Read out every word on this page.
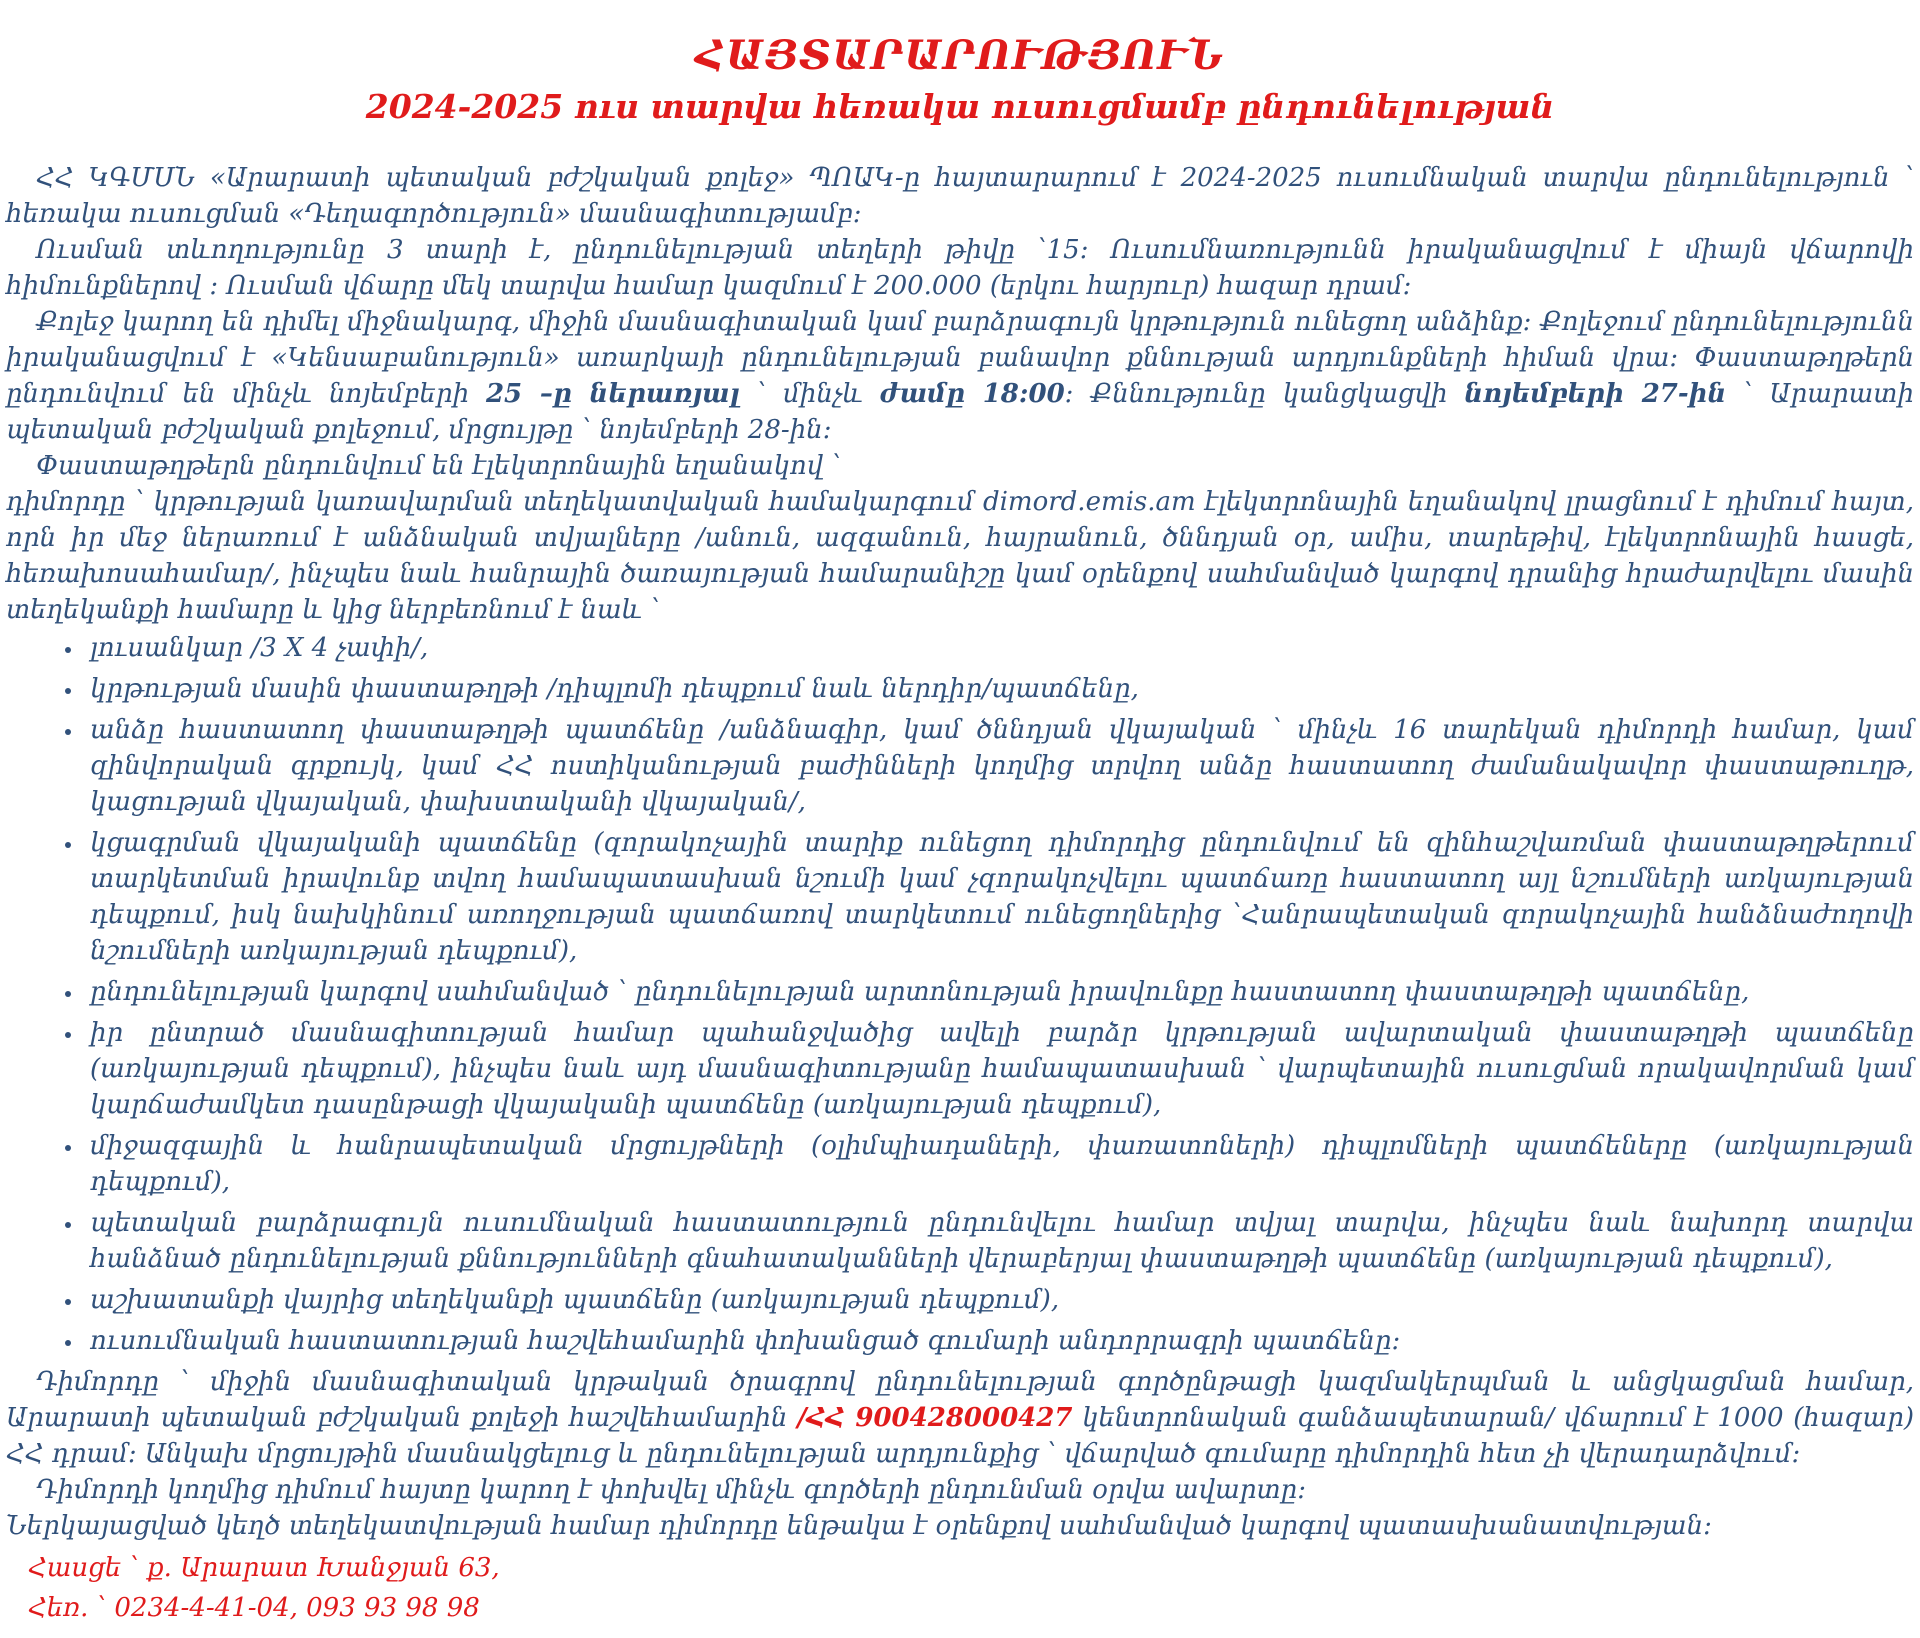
ՀԱՅՏԱՐԱՐՈՒԹՅՈՒՆ
2024-2025 ուս տարվա հեռակա ուսուցմամբ ընդունելության

ՀՀ ԿԳՄՍՆ «Արարատի պետական բժշկական քոլեջ» ՊՈԱԿ-ը հայտարարում է 2024-2025 ուսումնական տարվա ընդունելություն ՝ հեռակա ուսուցման «Դեղագործություն» մասնագիտությամբ:

Ուսման տևողությունը 3 տարի է, ընդունելության տեղերի թիվը ՝15: Ուսումնառությունն իրականացվում է միայն վճարովի հիմունքներով : Ուսման վճարը մեկ տարվա համար կազմում է 200.000 (երկու հարյուր) հազար դրամ:

Քոլեջ կարող են դիմել միջնակարգ, միջին մասնագիտական կամ բարձրագույն կրթություն ունեցող անձինք: Քոլեջում ընդունելությունն իրականացվում է «Կենսաբանություն» առարկայի ընդունելության բանավոր քննության արդյունքների հիման վրա: Փաստաթղթերն ընդունվում են մինչև նոյեմբերի 25 –ը ներառյալ ՝ մինչև ժամը 18:00: Քննությունը կանցկացվի նոյեմբերի 27-ին ՝ Արարատի պետական բժշկական քոլեջում, մրցույթը ՝ նոյեմբերի 28-ին:

Փաստաթղթերն ընդունվում են էլեկտրոնային եղանակով ՝

դիմորդը ՝ կրթության կառավարման տեղեկատվական համակարգում dimord.emis.am էլեկտրոնային եղանակով լրացնում է դիմում հայտ, որն իր մեջ ներառում է անձնական տվյալները /անուն, ազգանուն, հայրանուն, ծննդյան օր, ամիս, տարեթիվ, էլեկտրոնային հասցե, հեռախոսահամար/, ինչպես նաև հանրային ծառայության համարանիշը կամ օրենքով սահմանված կարգով դրանից հրաժարվելու մասին տեղեկանքի համարը և կից ներբեռնում է նաև ՝

• լուսանկար /3 X 4 չափի/,
• կրթության մասին փաստաթղթի /դիպլոմի դեպքում նաև ներդիր/պատճենը,
• անձը հաստատող փաստաթղթի պատճենը /անձնագիր, կամ ծննդյան վկայական ՝ մինչև 16 տարեկան դիմորդի համար, կամ զինվորական գրքույկ, կամ ՀՀ ոստիկանության բաժինների կողմից տրվող անձը հաստատող ժամանակավոր փաստաթուղթ, կացության վկայական, փախստականի վկայական/,
• կցագրման վկայականի պատճենը (զորակոչային տարիք ունեցող դիմորդից ընդունվում են զինհաշվառման փաստաթղթերում տարկետման իրավունք տվող համապատասխան նշումի կամ չզորակոչվելու պատճառը հաստատող այլ նշումների առկայության դեպքում, իսկ նախկինում առողջության պատճառով տարկետում ունեցողներից ՝Հանրապետական զորակոչային հանձնաժողովի նշումների առկայության դեպքում),
• ընդունելության կարգով սահմանված ՝ ընդունելության արտոնության իրավունքը հաստատող փաստաթղթի պատճենը,
• իր ընտրած մասնագիտության համար պահանջվածից ավելի բարձր կրթության ավարտական փաստաթղթի պատճենը (առկայության դեպքում), ինչպես նաև այդ մասնագիտությանը համապատասխան ՝ վարպետային ուսուցման որակավորման կամ կարճաժամկետ դասընթացի վկայականի պատճենը (առկայության դեպքում),
• միջազգային և հանրապետական մրցույթների (օլիմպիադաների, փառատոների) դիպլոմների պատճեները (առկայության դեպքում),
• պետական բարձրագույն ուսումնական հաստատություն ընդունվելու համար տվյալ տարվա, ինչպես նաև նախորդ տարվա հանձնած ընդունելության քննությունների գնահատականների վերաբերյալ փաստաթղթի պատճենը (առկայության դեպքում),
• աշխատանքի վայրից տեղեկանքի պատճենը (առկայության դեպքում),
• ուսումնական հաստատության հաշվեհամարին փոխանցած գումարի անդորրագրի պատճենը:

Դիմորդը ՝ միջին մասնագիտական կրթական ծրագրով ընդունելության գործընթացի կազմակերպման և անցկացման համար, Արարատի պետական բժշկական քոլեջի հաշվեհամարին /ՀՀ 900428000427 կենտրոնական գանձապետարան/ վճարում է 1000 (հազար) ՀՀ դրամ: Անկախ մրցույթին մասնակցելուց և ընդունելության արդյունքից ՝ վճարված գումարը դիմորդին հետ չի վերադարձվում:

Դիմորդի կողմից դիմում հայտը կարող է փոխվել մինչև գործերի ընդունման օրվա ավարտը:

Ներկայացված կեղծ տեղեկատվության համար դիմորդը ենթակա է օրենքով սահմանված կարգով պատասխանատվության:

Հասցե ՝ ք. Արարատ Խանջյան 63,

Հեռ. ՝ 0234-4-41-04, 093 93 98 98
